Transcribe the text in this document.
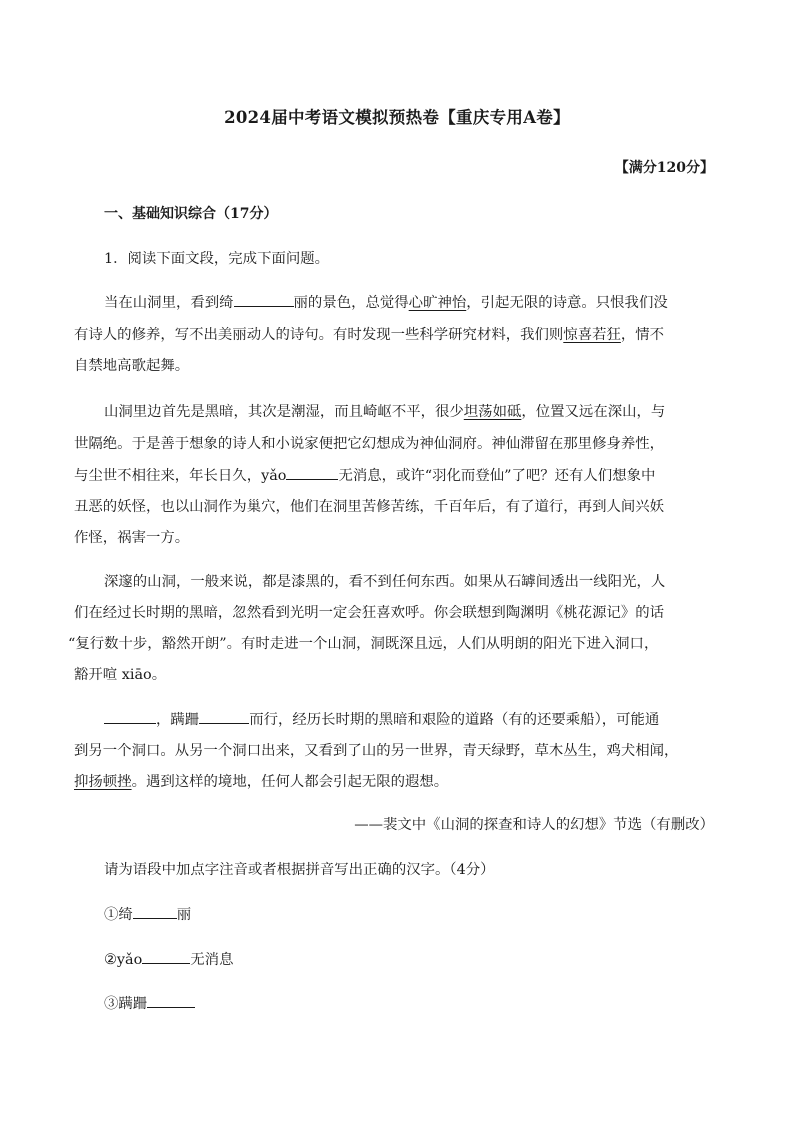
2024届中考语文模拟预热卷【重庆专用A卷】
【满分120分】
一、基础知识综合（17分）
1．阅读下面文段，完成下面问题。
当在山洞里，看到绮	丽的景色，总觉得心旷神怡，引起无限的诗意。只恨我们没
有诗人的修养，写不出美丽动人的诗句。有时发现一些科学研究材料，我们则惊喜若狂，情不
自禁地高歌起舞。
山洞里边首先是黑暗，其次是潮湿，而且崎岖不平，很少坦荡如砥，位置又远在深山，与
世隔绝。于是善于想象的诗人和小说家便把它幻想成为神仙洞府。神仙滞留在那里修身养性，
与尘世不相往来，年长日久，yǎo	无消息，或许“羽化而登仙”了吧？还有人们想象中
丑恶的妖怪，也以山洞作为巢穴，他们在洞里苦修苦练，千百年后，有了道行，再到人间兴妖
作怪，祸害一方。
深邃的山洞，一般来说，都是漆黑的，看不到任何东西。如果从石罅间透出一线阳光，人
们在经过长时期的黑暗，忽然看到光明一定会狂喜欢呼。你会联想到陶渊明《桃花源记》的话
“复行数十步，豁然开朗”。有时走进一个山洞，洞既深且远，人们从明朗的阳光下进入洞口，
豁开喧 xiāo。
，蹒跚	而行，经历长时期的黑暗和艰险的道路（有的还要乘船），可能通
到另一个洞口。从另一个洞口出来，又看到了山的另一世界，青天绿野，草木丛生，鸡犬相闻，
抑扬顿挫。遇到这样的境地，任何人都会引起无限的遐想。
——裴文中《山洞的探查和诗人的幻想》节选（有删改）
请为语段中加点字注音或者根据拼音写出正确的汉字。（4分）
①绮	丽
②yǎo	无消息
③蹒跚
